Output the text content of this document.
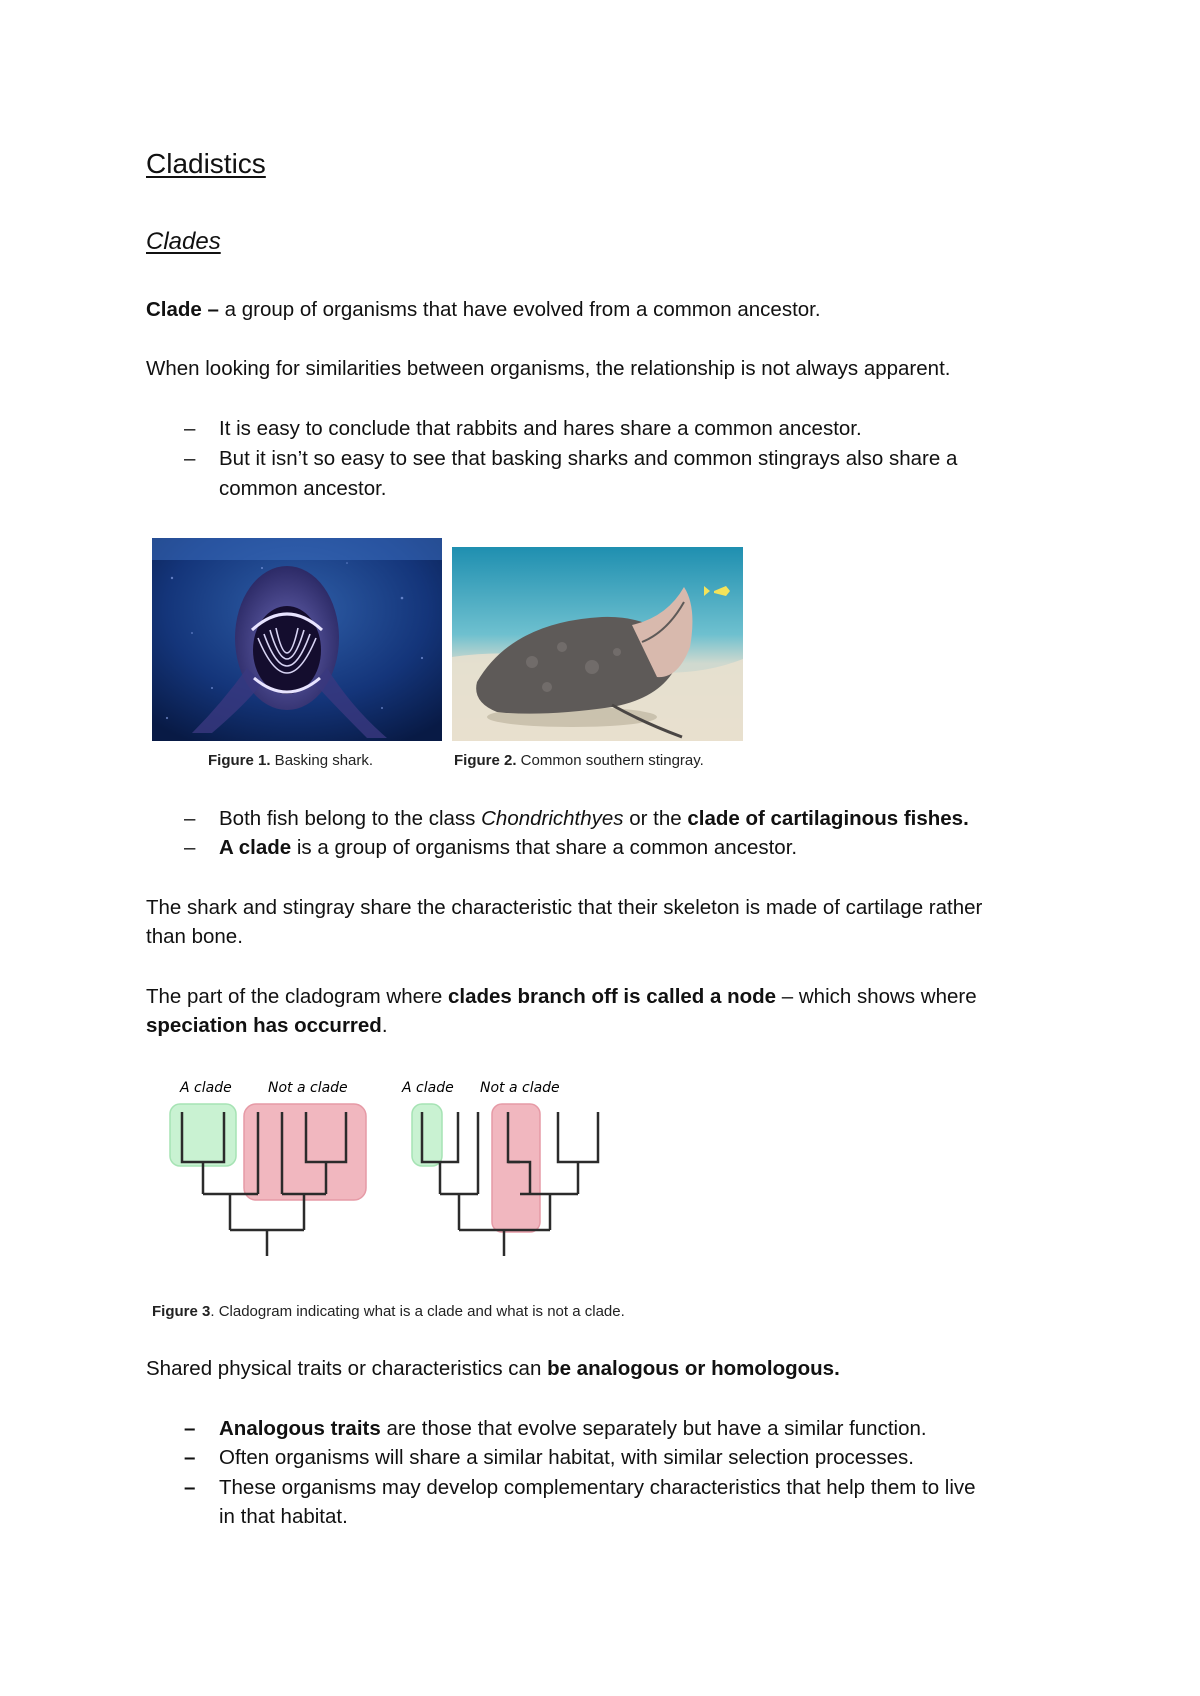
Cladistics
Clades
Clade – a group of organisms that have evolved from a common ancestor.
When looking for similarities between organisms, the relationship is not always apparent.
– It is easy to conclude that rabbits and hares share a common ancestor.
– But it isn’t so easy to see that basking sharks and common stingrays also share a
common ancestor.
Figure 1. Basking shark.	Figure 2. Common southern stingray.
– Both fish belong to the class Chondrichthyes or the clade of cartilaginous fishes.
– A clade is a group of organisms that share a common ancestor.
The shark and stingray share the characteristic that their skeleton is made of cartilage rather
than bone.
The part of the cladogram where clades branch off is called a node – which shows where
speciation has occurred.
A clade	Not a clade	A clade Not a clade
Figure 3. Cladogram indicating what is a clade and what is not a clade.
Shared physical traits or characteristics can be analogous or homologous.
– Analogous traits are those that evolve separately but have a similar function.
– Often organisms will share a similar habitat, with similar selection processes.
– These organisms may develop complementary characteristics that help them to live
in that habitat.
